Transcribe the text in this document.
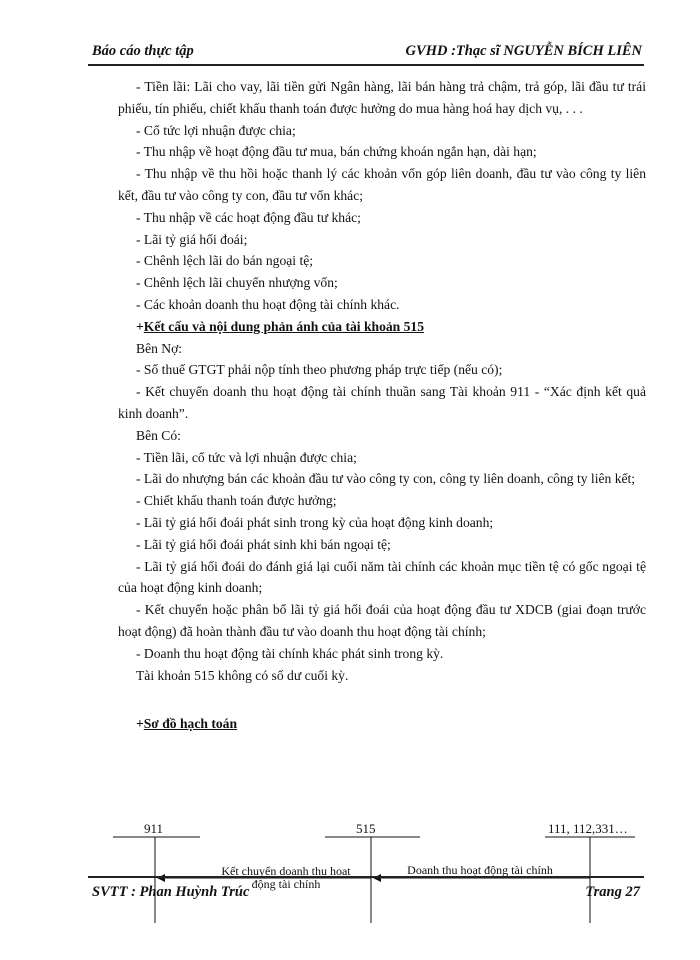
Báo cáo thực tập	GVHD :Thạc sĩ NGUYỄN BÍCH LIÊN

- Tiền lãi: Lãi cho vay, lãi tiền gửi Ngân hàng, lãi bán hàng trả chậm, trả góp, lãi đầu tư trái phiếu, tín phiếu, chiết khấu thanh toán được hưởng do mua hàng hoá hay dịch vụ, . . .

- Cổ tức lợi nhuận được chia;

- Thu nhập về hoạt động đầu tư mua, bán chứng khoán ngắn hạn, dài hạn;

- Thu nhập về thu hồi hoặc thanh lý các khoản vốn góp liên doanh, đầu tư vào công ty liên kết, đầu tư vào công ty con, đầu tư vốn khác;

- Thu nhập về các hoạt động đầu tư khác;

- Lãi tỷ giá hối đoái;

- Chênh lệch lãi do bán ngoại tệ;

- Chênh lệch lãi chuyển nhượng vốn;

- Các khoản doanh thu hoạt động tài chính khác.

+Kết cấu và nội dung phản ánh của tài khoản 515

Bên Nợ:

- Số thuế GTGT phải nộp tính theo phương pháp trực tiếp (nếu có);

- Kết chuyển doanh thu hoạt động tài chính thuần sang Tài khoản 911 - “Xác định kết quả kinh doanh”.

Bên Có:

- Tiền lãi, cổ tức và lợi nhuận được chia;

- Lãi do nhượng bán các khoản đầu tư vào công ty con, công ty liên doanh, công ty liên kết;

- Chiết khấu thanh toán được hưởng;

- Lãi tỷ giá hối đoái phát sinh trong kỳ của hoạt động kinh doanh;

- Lãi tỷ giá hối đoái phát sinh khi bán ngoại tệ;

- Lãi tỷ giá hối đoái do đánh giá lại cuối năm tài chính các khoản mục tiền tệ có gốc ngoại tệ của hoạt động kinh doanh;

- Kết chuyển hoặc phân bổ lãi tỷ giá hối đoái của hoạt động đầu tư XDCB (giai đoạn trước hoạt động) đã hoàn thành đầu tư vào doanh thu hoạt động tài chính;

- Doanh thu hoạt động tài chính khác phát sinh trong kỳ.

Tài khoản 515 không có số dư cuối kỳ.

+Sơ đồ hạch toán

911	515	111, 112,331…
Kết chuyển doanh thu hoat
động tài chính
Doanh thu hoạt động tài chính
SVTT : Phan Huỳnh Trúc	Trang 27
